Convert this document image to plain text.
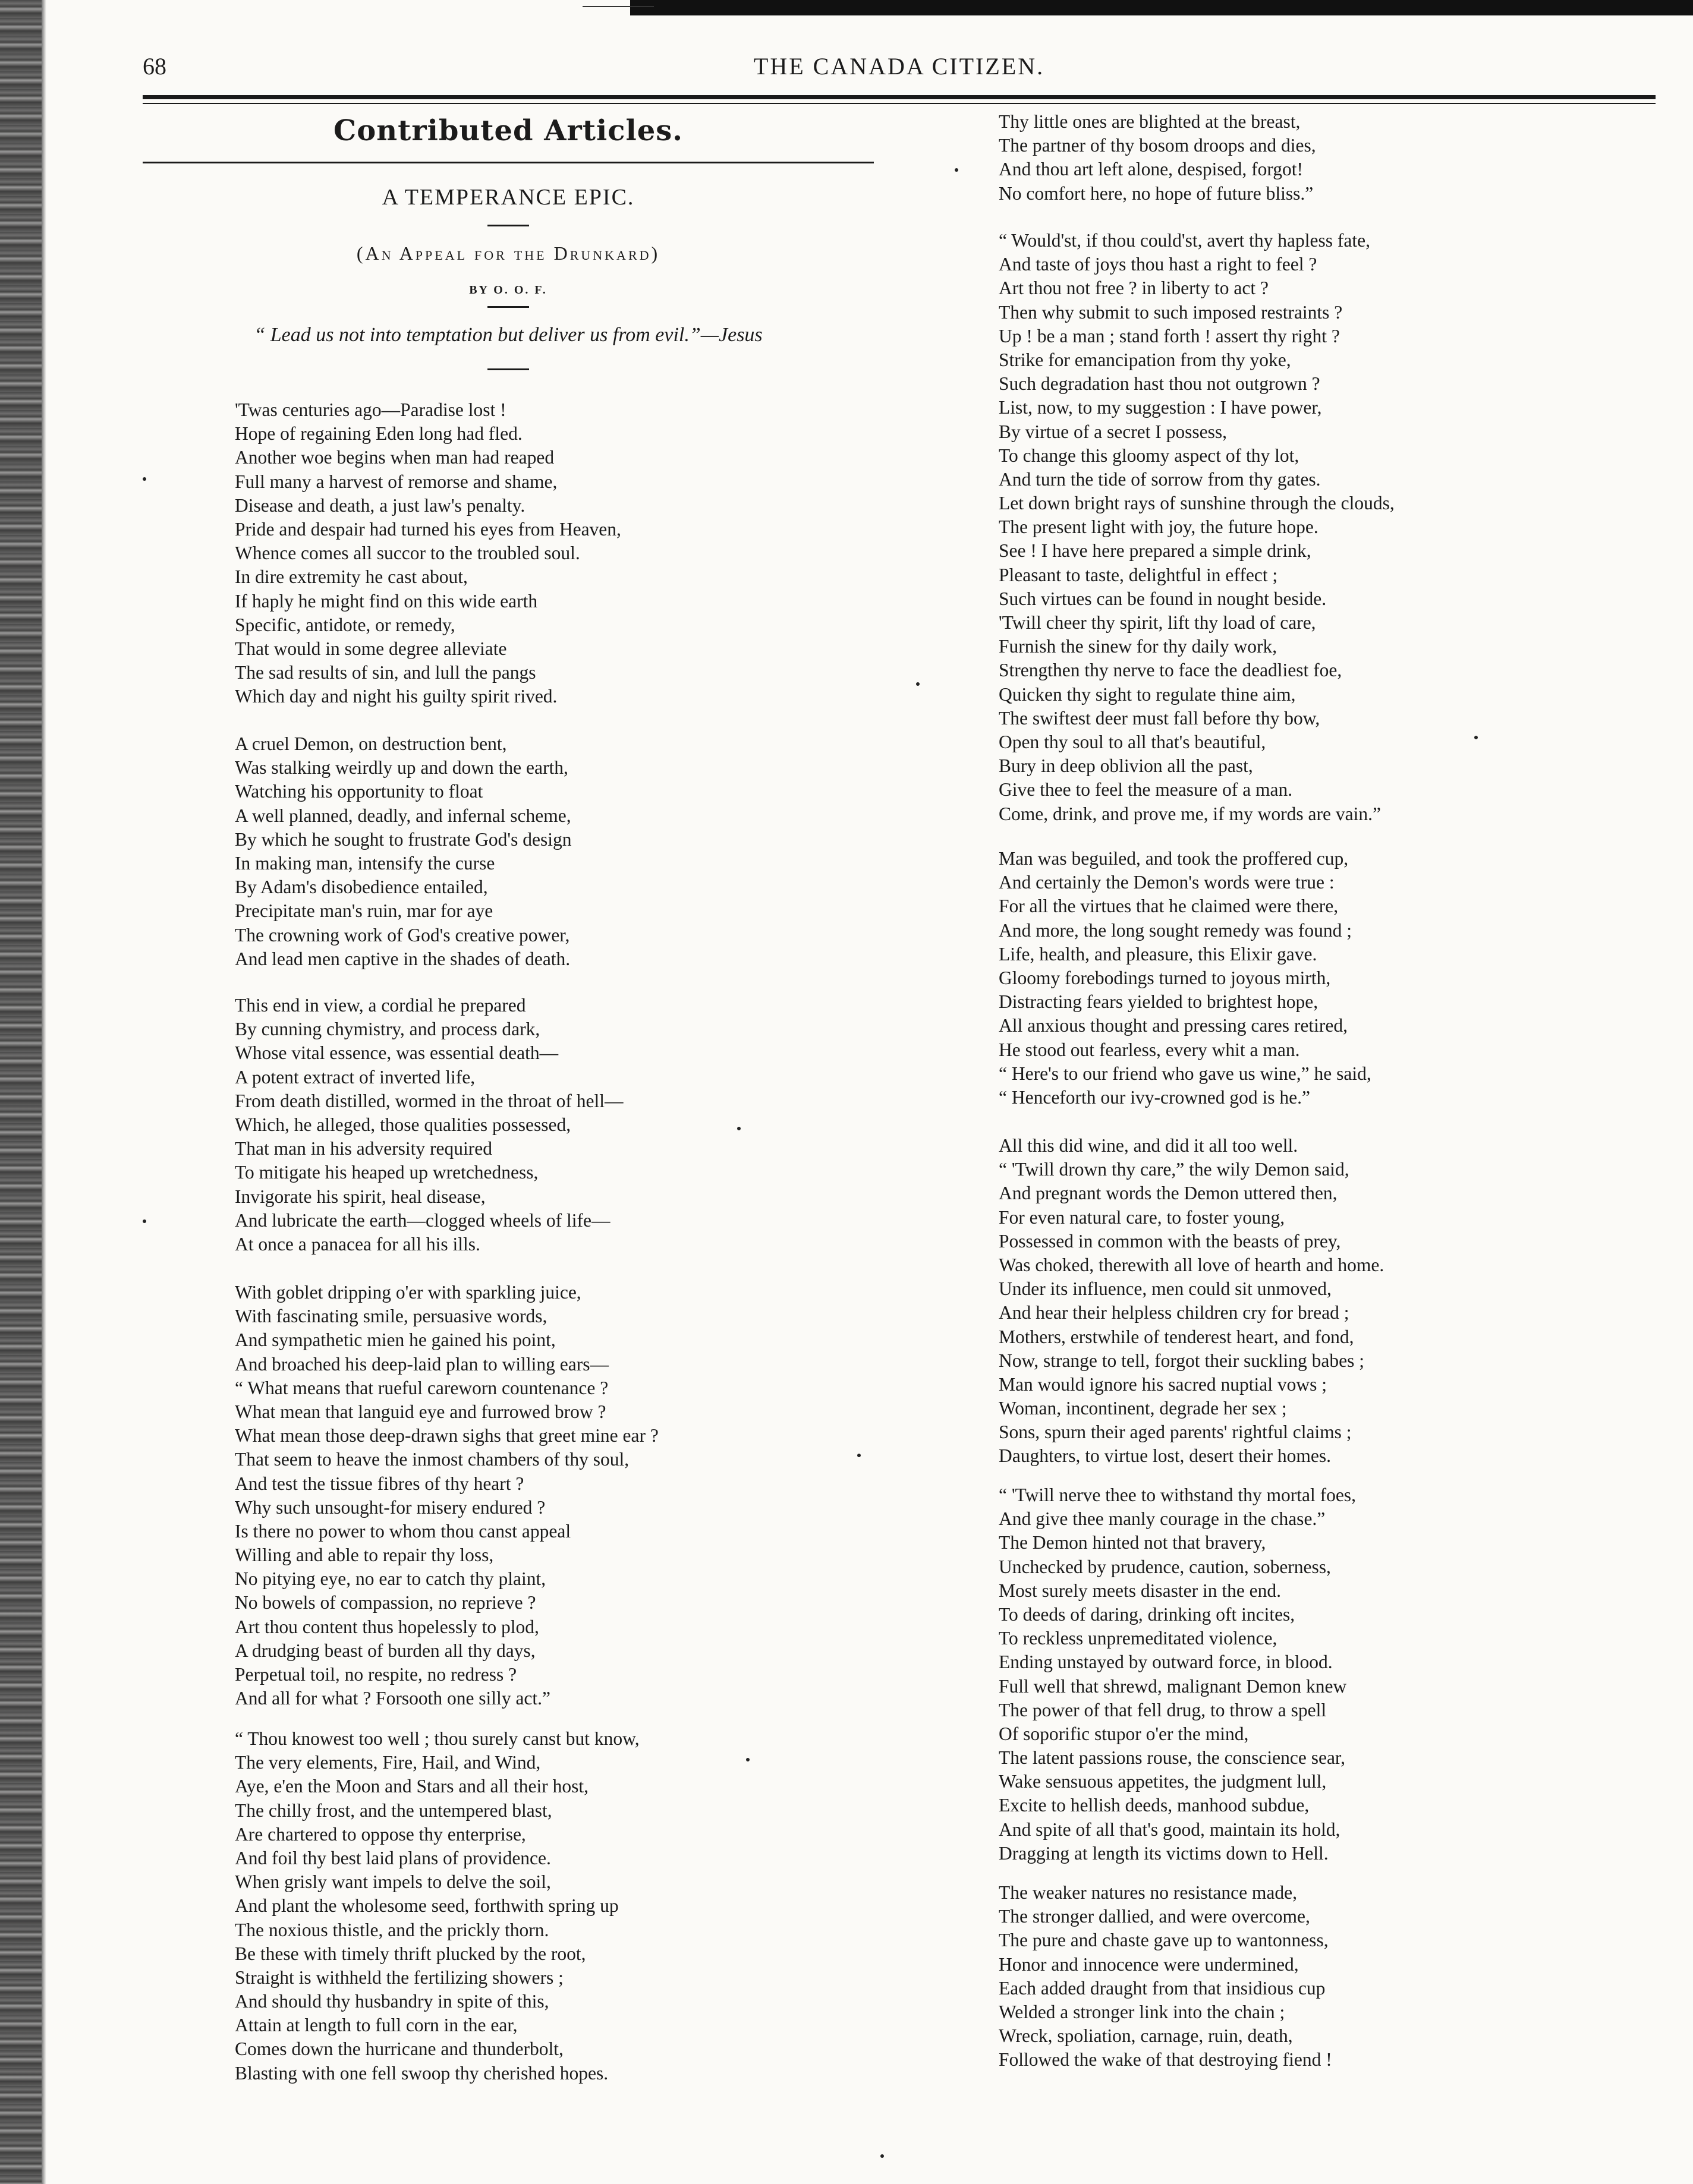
68	THE CANADA CITIZEN.
Contributed Articles.
A TEMPERANCE EPIC.
(An Appeal for the Drunkard)
BY O. O. F.
“ Lead us not into temptation but deliver us from evil.”—Jesus
'Twas centuries ago—Paradise lost !
Hope of regaining Eden long had fled.
Another woe begins when man had reaped
Full many a harvest of remorse and shame,
Disease and death, a just law's penalty.
Pride and despair had turned his eyes from Heaven,
Whence comes all succor to the troubled soul.
In dire extremity he cast about,
If haply he might find on this wide earth
Specific, antidote, or remedy,
That would in some degree alleviate
The sad results of sin, and lull the pangs
Which day and night his guilty spirit rived.
A cruel Demon, on destruction bent,
Was stalking weirdly up and down the earth,
Watching his opportunity to float
A well planned, deadly, and infernal scheme,
By which he sought to frustrate God's design
In making man, intensify the curse
By Adam's disobedience entailed,
Precipitate man's ruin, mar for aye
The crowning work of God's creative power,
And lead men captive in the shades of death.
This end in view, a cordial he prepared
By cunning chymistry, and process dark,
Whose vital essence, was essential death—
A potent extract of inverted life,
From death distilled, wormed in the throat of hell—
Which, he alleged, those qualities possessed,
That man in his adversity required
To mitigate his heaped up wretchedness,
Invigorate his spirit, heal disease,
And lubricate the earth—clogged wheels of life—
At once a panacea for all his ills.
With goblet dripping o'er with sparkling juice,
With fascinating smile, persuasive words,
And sympathetic mien he gained his point,
And broached his deep-laid plan to willing ears—
“ What means that rueful careworn countenance ?
What mean that languid eye and furrowed brow ?
What mean those deep-drawn sighs that greet mine ear ?
That seem to heave the inmost chambers of thy soul,
And test the tissue fibres of thy heart ?
Why such unsought-for misery endured ?
Is there no power to whom thou canst appeal
Willing and able to repair thy loss,
No pitying eye, no ear to catch thy plaint,
No bowels of compassion, no reprieve ?
Art thou content thus hopelessly to plod,
A drudging beast of burden all thy days,
Perpetual toil, no respite, no redress ?
And all for what ? Forsooth one silly act.”
“ Thou knowest too well ; thou surely canst but know,
The very elements, Fire, Hail, and Wind,
Aye, e'en the Moon and Stars and all their host,
The chilly frost, and the untempered blast,
Are chartered to oppose thy enterprise,
And foil thy best laid plans of providence.
When grisly want impels to delve the soil,
And plant the wholesome seed, forthwith spring up
The noxious thistle, and the prickly thorn.
Be these with timely thrift plucked by the root,
Straight is withheld the fertilizing showers ;
And should thy husbandry in spite of this,
Attain at length to full corn in the ear,
Comes down the hurricane and thunderbolt,
Blasting with one fell swoop thy cherished hopes.
Thy little ones are blighted at the breast,
The partner of thy bosom droops and dies,
And thou art left alone, despised, forgot!
No comfort here, no hope of future bliss.”
“ Would'st, if thou could'st, avert thy hapless fate,
And taste of joys thou hast a right to feel ?
Art thou not free ? in liberty to act ?
Then why submit to such imposed restraints ?
Up ! be a man ; stand forth ! assert thy right ?
Strike for emancipation from thy yoke,
Such degradation hast thou not outgrown ?
List, now, to my suggestion : I have power,
By virtue of a secret I possess,
To change this gloomy aspect of thy lot,
And turn the tide of sorrow from thy gates.
Let down bright rays of sunshine through the clouds,
The present light with joy, the future hope.
See ! I have here prepared a simple drink,
Pleasant to taste, delightful in effect ;
Such virtues can be found in nought beside.
'Twill cheer thy spirit, lift thy load of care,
Furnish the sinew for thy daily work,
Strengthen thy nerve to face the deadliest foe,
Quicken thy sight to regulate thine aim,
The swiftest deer must fall before thy bow,
Open thy soul to all that's beautiful,
Bury in deep oblivion all the past,
Give thee to feel the measure of a man.
Come, drink, and prove me, if my words are vain.”
Man was beguiled, and took the proffered cup,
And certainly the Demon's words were true :
For all the virtues that he claimed were there,
And more, the long sought remedy was found ;
Life, health, and pleasure, this Elixir gave.
Gloomy forebodings turned to joyous mirth,
Distracting fears yielded to brightest hope,
All anxious thought and pressing cares retired,
He stood out fearless, every whit a man.
“ Here's to our friend who gave us wine,” he said,
“ Henceforth our ivy-crowned god is he.”
All this did wine, and did it all too well.
“ 'Twill drown thy care,” the wily Demon said,
And pregnant words the Demon uttered then,
For even natural care, to foster young,
Possessed in common with the beasts of prey,
Was choked, therewith all love of hearth and home.
Under its influence, men could sit unmoved,
And hear their helpless children cry for bread ;
Mothers, erstwhile of tenderest heart, and fond,
Now, strange to tell, forgot their suckling babes ;
Man would ignore his sacred nuptial vows ;
Woman, incontinent, degrade her sex ;
Sons, spurn their aged parents' rightful claims ;
Daughters, to virtue lost, desert their homes.
“ 'Twill nerve thee to withstand thy mortal foes,
And give thee manly courage in the chase.”
The Demon hinted not that bravery,
Unchecked by prudence, caution, soberness,
Most surely meets disaster in the end.
To deeds of daring, drinking oft incites,
To reckless unpremeditated violence,
Ending unstayed by outward force, in blood.
Full well that shrewd, malignant Demon knew
The power of that fell drug, to throw a spell
Of soporific stupor o'er the mind,
The latent passions rouse, the conscience sear,
Wake sensuous appetites, the judgment lull,
Excite to hellish deeds, manhood subdue,
And spite of all that's good, maintain its hold,
Dragging at length its victims down to Hell.
The weaker natures no resistance made,
The stronger dallied, and were overcome,
The pure and chaste gave up to wantonness,
Honor and innocence were undermined,
Each added draught from that insidious cup
Welded a stronger link into the chain ;
Wreck, spoliation, carnage, ruin, death,
Followed the wake of that destroying fiend !
